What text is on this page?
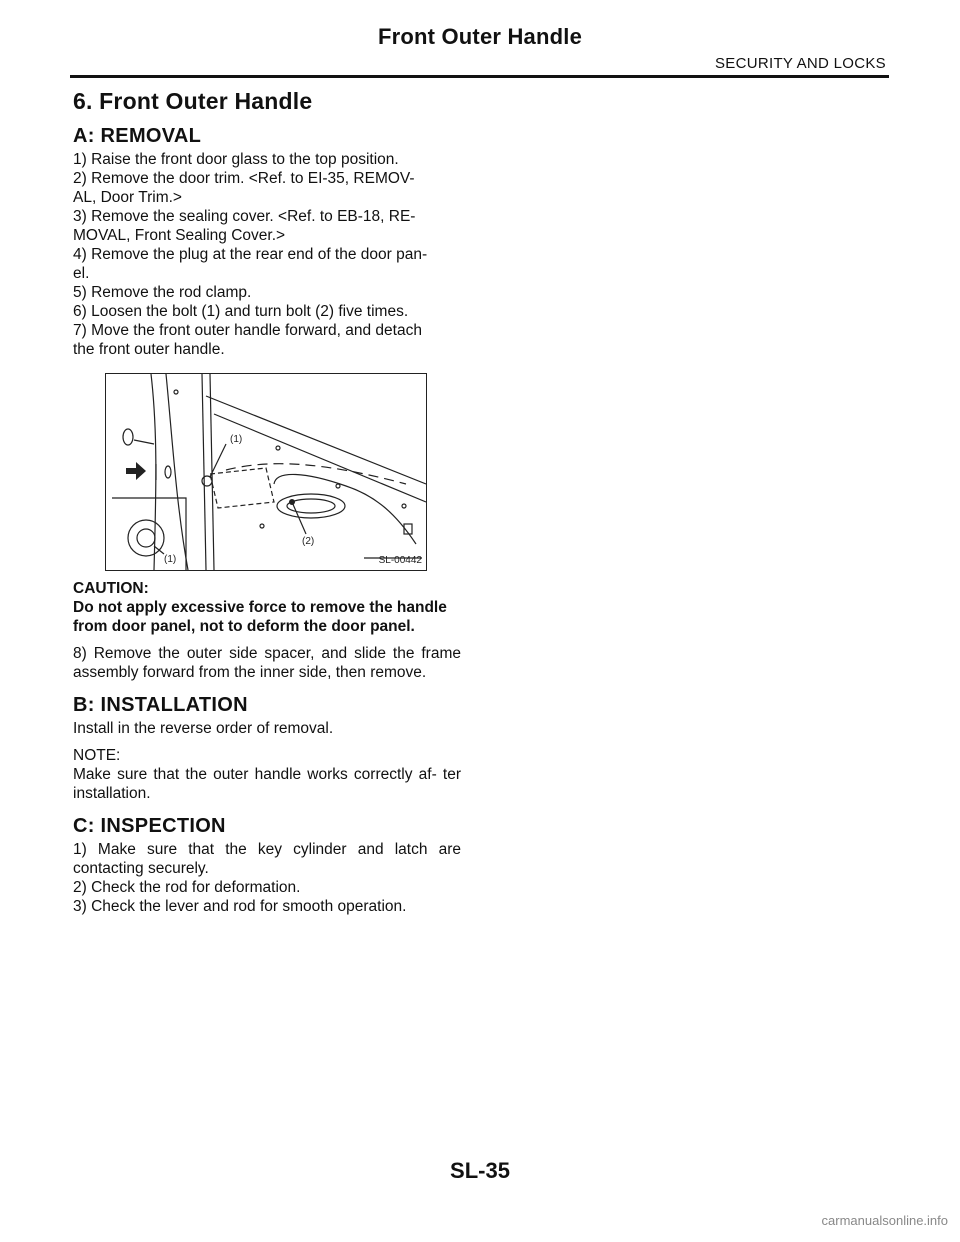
Front Outer Handle
SECURITY AND LOCKS
6. Front Outer Handle
A: REMOVAL

1) Raise the front door glass to the top position.

2) Remove the door trim. <Ref. to EI-35, REMOV-

AL, Door Trim.>

3) Remove the sealing cover. <Ref. to EB-18, RE-

MOVAL, Front Sealing Cover.>

4) Remove the plug at the rear end of the door pan-

el.

5) Remove the rod clamp.

6) Loosen the bolt (1) and turn bolt (2) five times.

7) Move the front outer handle forward, and detach

the front outer handle.

(1)
(2)
(1)	SL-00442

CAUTION:

Do not apply excessive force to remove the handle from door panel, not to deform the door panel.

8) Remove the outer side spacer, and slide the frame assembly forward from the inner side, then remove.

B: INSTALLATION

Install in the reverse order of removal.

NOTE:

Make sure that the outer handle works correctly af- ter installation.

C: INSPECTION

1) Make sure that the key cylinder and latch are contacting securely.

2) Check the rod for deformation.

3) Check the lever and rod for smooth operation.

SL-35
carmanualsonline.info
